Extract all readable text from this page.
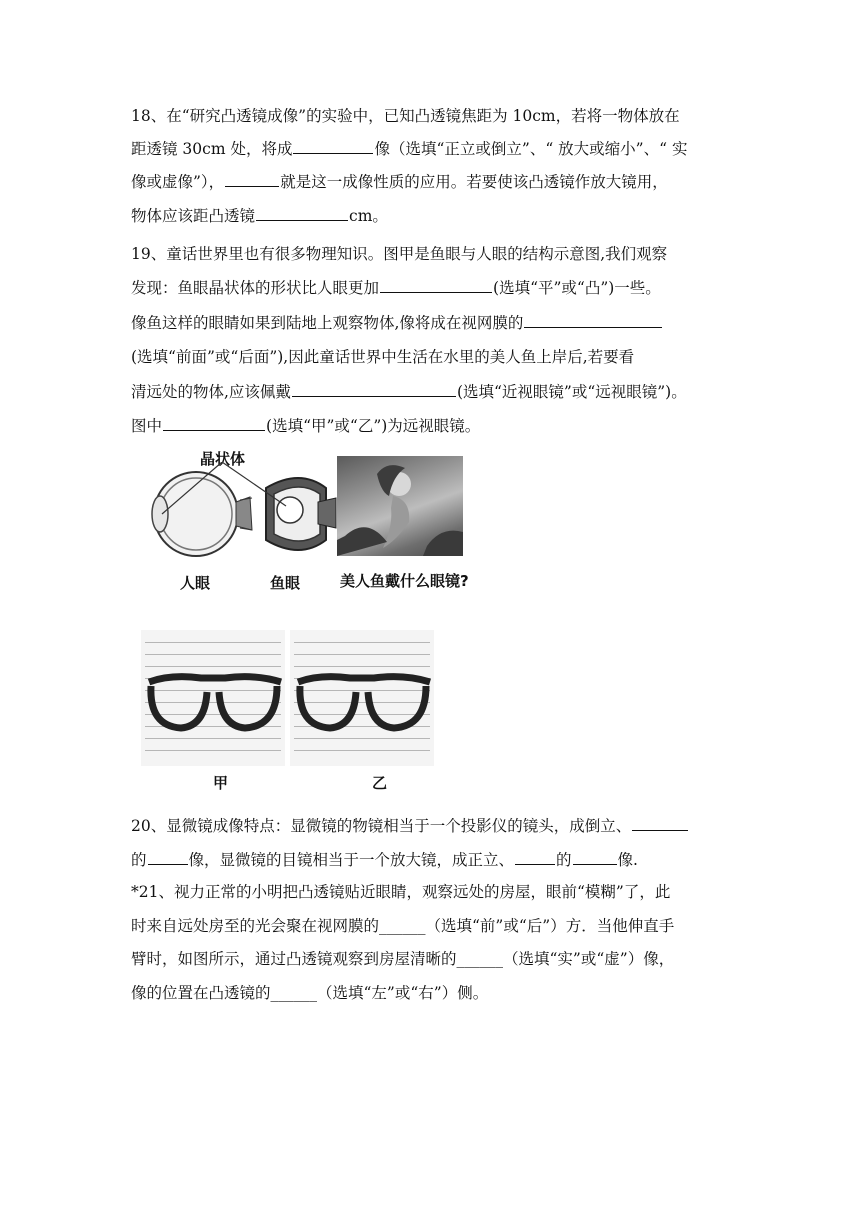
18、在“研究凸透镜成像”的实验中，已知凸透镜焦距为 10cm，若将一物体放在
距透镜 30cm 处，将成	像（选填“正立或倒立”、“ 放大或缩小”、“ 实
像或虚像”），	就是这一成像性质的应用。若要使该凸透镜作放大镜用，
物体应该距凸透镜	cm。
19、童话世界里也有很多物理知识。图甲是鱼眼与人眼的结构示意图,我们观察
发现：鱼眼晶状体的形状比人眼更加	(选填“平”或“凸”)一些。
像鱼这样的眼睛如果到陆地上观察物体,像将成在视网膜的
(选填“前面”或“后面”),因此童话世界中生活在水里的美人鱼上岸后,若要看
清远处的物体,应该佩戴	(选填“近视眼镜”或“远视眼镜”)。
图中	(选填“甲”或“乙”)为远视眼镜。
晶状体
人眼	鱼眼	美人鱼戴什么眼镜?
甲	乙
20、显微镜成像特点：显微镜的物镜相当于一个投影仪的镜头，成倒立、
的	像，显微镜的目镜相当于一个放大镜，成正立、	的	像.
*21、视力正常的小明把凸透镜贴近眼睛，观察远处的房屋，眼前“模糊”了，此
时来自远处房至的光会聚在视网膜的______（选填“前”或“后”）方．当他伸直手
臂时，如图所示，通过凸透镜观察到房屋清晰的______（选填“实”或“虚”）像，
像的位置在凸透镜的______（选填“左”或“右”）侧。
